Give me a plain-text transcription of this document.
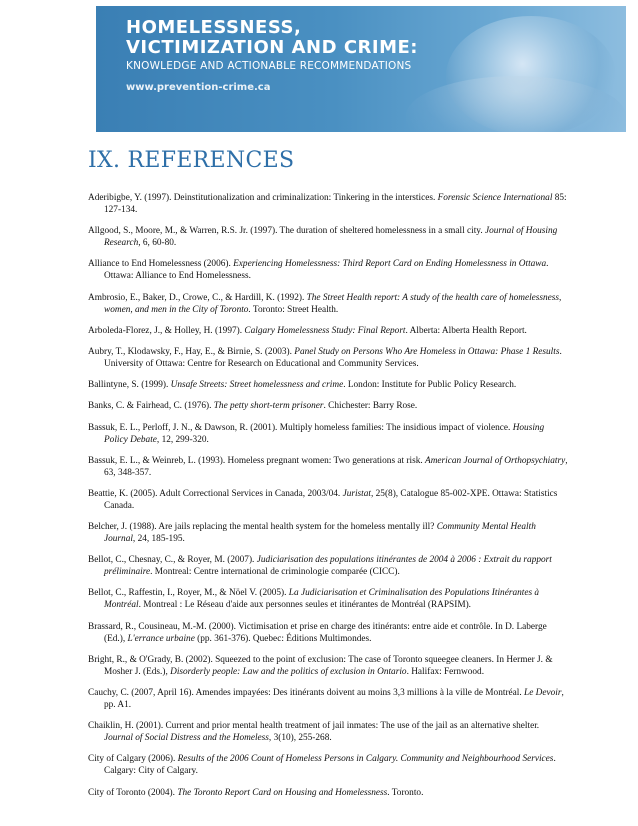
HOMELESSNESS,
VICTIMIZATION AND CRIME:
KNOWLEDGE AND ACTIONABLE RECOMMENDATIONS
www.prevention-crime.ca
IX. REFERENCES
Aderibigbe, Y. (1997). Deinstitutionalization and criminalization: Tinkering in the interstices. Forensic Science International 85: 127-134.
Allgood, S., Moore, M., & Warren, R.S. Jr. (1997). The duration of sheltered homelessness in a small city. Journal of Housing Research, 6, 60-80.
Alliance to End Homelessness (2006). Experiencing Homelessness: Third Report Card on Ending Homelessness in Ottawa. Ottawa: Alliance to End Homelessness.
Ambrosio, E., Baker, D., Crowe, C., & Hardill, K. (1992). The Street Health report: A study of the health care of homelessness, women, and men in the City of Toronto. Toronto: Street Health.
Arboleda-Florez, J., & Holley, H. (1997). Calgary Homelessness Study: Final Report. Alberta: Alberta Health Report.
Aubry, T., Klodawsky, F., Hay, E., & Birnie, S. (2003). Panel Study on Persons Who Are Homeless in Ottawa: Phase 1 Results. University of Ottawa: Centre for Research on Educational and Community Services.
Ballintyne, S. (1999). Unsafe Streets: Street homelessness and crime. London: Institute for Public Policy Research.
Banks, C. & Fairhead, C. (1976). The petty short-term prisoner. Chichester: Barry Rose.
Bassuk, E. L., Perloff, J. N., & Dawson, R. (2001). Multiply homeless families: The insidious impact of violence. Housing Policy Debate, 12, 299-320.
Bassuk, E. L., & Weinreb, L. (1993). Homeless pregnant women: Two generations at risk. American Journal of Orthopsychiatry, 63, 348-357.
Beattie, K. (2005). Adult Correctional Services in Canada, 2003/04. Juristat, 25(8), Catalogue 85-002-XPE. Ottawa: Statistics Canada.
Belcher, J. (1988). Are jails replacing the mental health system for the homeless mentally ill? Community Mental Health Journal, 24, 185-195.
Bellot, C., Chesnay, C., & Royer, M. (2007). Judiciarisation des populations itinérantes de 2004 à 2006 : Extrait du rapport préliminaire. Montreal: Centre international de criminologie comparée (CICC).
Bellot, C., Raffestin, I., Royer, M., & Nöel V. (2005). La Judiciarisation et Criminalisation des Populations Itinérantes à Montréal. Montreal : Le Réseau d'aide aux personnes seules et itinérantes de Montréal (RAPSIM).
Brassard, R., Cousineau, M.-M. (2000). Victimisation et prise en charge des itinérants: entre aide et contrôle. In D. Laberge (Ed.), L'errance urbaine (pp. 361-376). Quebec: Éditions Multimondes.
Bright, R., & O'Grady, B. (2002). Squeezed to the point of exclusion: The case of Toronto squeegee cleaners. In Hermer J. & Mosher J. (Eds.), Disorderly people: Law and the politics of exclusion in Ontario. Halifax: Fernwood.
Cauchy, C. (2007, April 16). Amendes impayées: Des itinérants doivent au moins 3,3 millions à la ville de Montréal. Le Devoir, pp. A1.
Chaiklin, H. (2001). Current and prior mental health treatment of jail inmates: The use of the jail as an alternative shelter. Journal of Social Distress and the Homeless, 3(10), 255-268.
City of Calgary (2006). Results of the 2006 Count of Homeless Persons in Calgary. Community and Neighbourhood Services. Calgary: City of Calgary.
City of Toronto (2004). The Toronto Report Card on Housing and Homelessness. Toronto.
